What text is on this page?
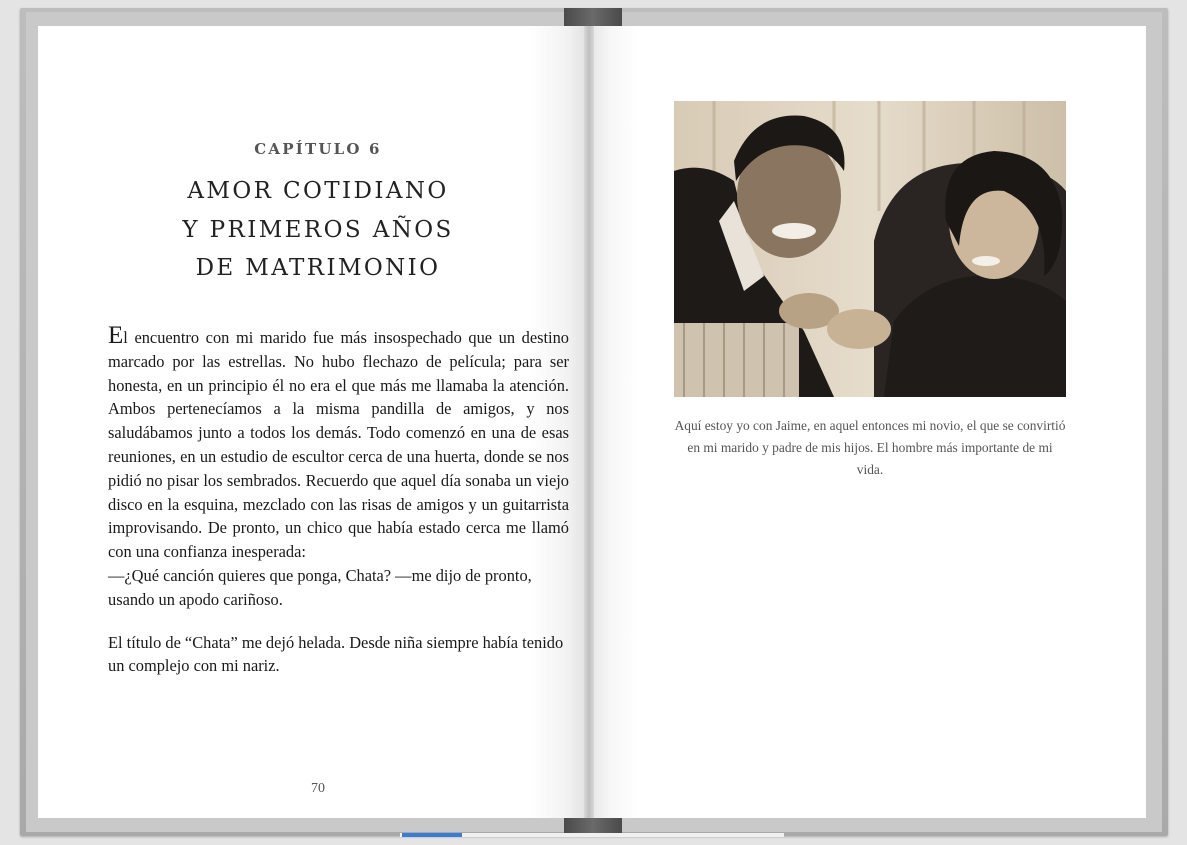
CAPÍTULO 6
AMOR COTIDIANO
Y PRIMEROS AÑOS
DE MATRIMONIO

El encuentro con mi marido fue más insospechado que un destino marcado por las estrellas. No hubo flechazo de película; para ser honesta, en un principio él no era el que más me llamaba la atención. Ambos pertenecíamos a la misma pandilla de amigos, y nos saludábamos junto a todos los demás. Todo comenzó en una de esas reuniones, en un estudio de escultor cerca de una huerta, donde se nos pidió no pisar los sembrados. Recuerdo que aquel día sonaba un viejo disco en la esquina, mezclado con las risas de amigos y un guitarrista improvisando. De pronto, un chico que había estado cerca me llamó con una confianza inesperada:

—¿Qué canción quieres que ponga, Chata? —me dijo de pronto, usando un apodo cariñoso.

El título de “Chata” me dejó helada. Desde niña siempre había tenido un complejo con mi nariz.

70
Aquí estoy yo con Jaime, en aquel entonces mi novio, el que se convirtió en mi marido y padre de mis hijos. El hombre más importante de mi vida.
